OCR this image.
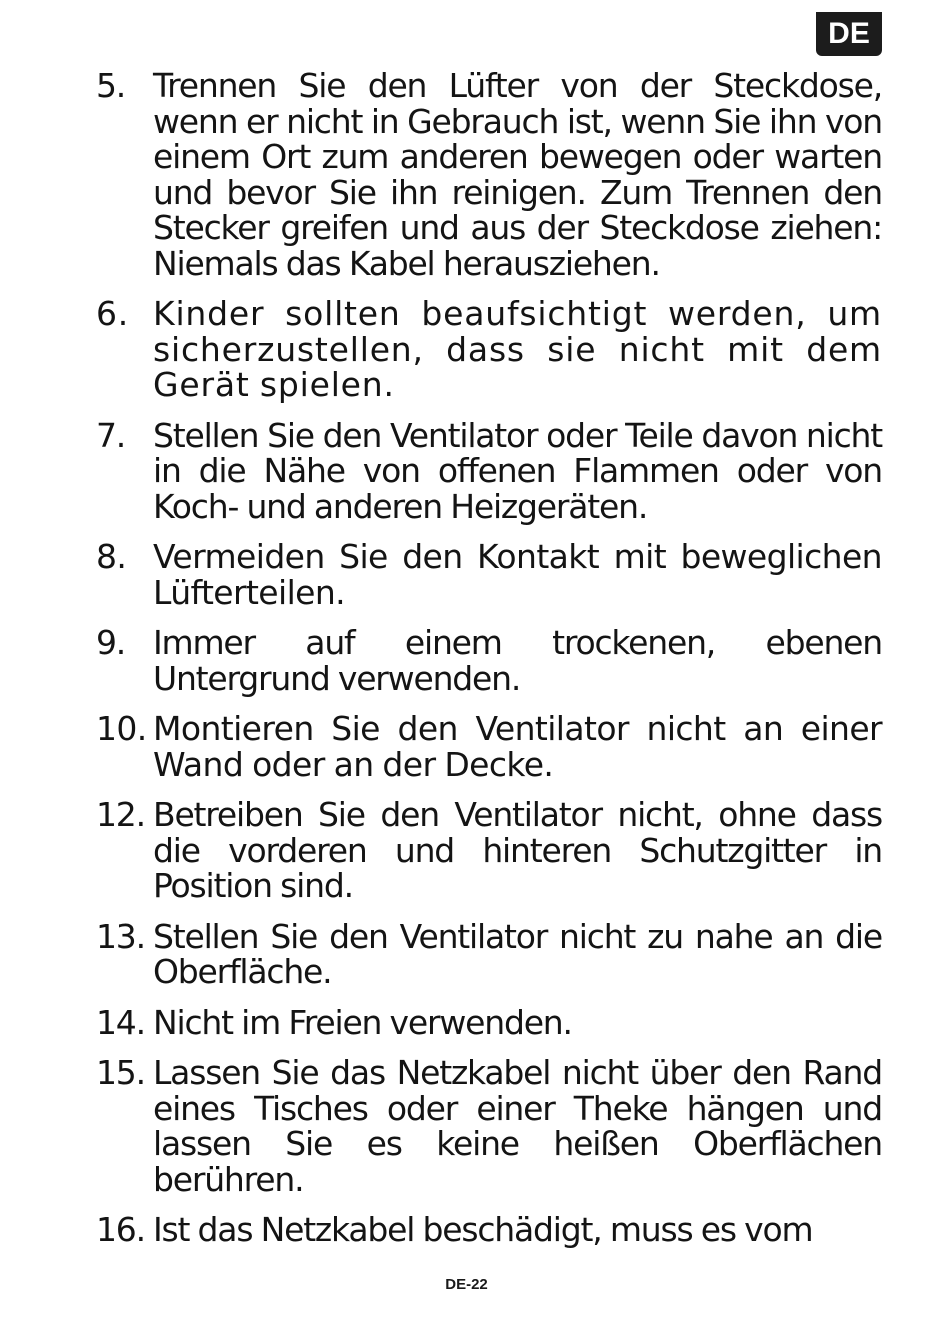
DE
5. Trennen Sie den Lüfter von der Steckdose, wenn er nicht in Gebrauch ist, wenn Sie ihn von einem Ort zum anderen bewegen oder warten und bevor Sie ihn reinigen. Zum Trennen den Stecker greifen und aus der Steckdose ziehen: Niemals das Kabel herausziehen.
6. Kinder sollten beaufsichtigt werden, um sicherzustellen, dass sie nicht mit dem Gerät spielen.
7. Stellen Sie den Ventilator oder Teile davon nicht in die Nähe von offenen Flammen oder von Koch- und anderen Heizgeräten.
8. Vermeiden Sie den Kontakt mit beweglichen Lüfterteilen.
9. Immer auf einem trockenen, ebenen Untergrund verwenden.
10. Montieren Sie den Ventilator nicht an einer Wand oder an der Decke.
12. Betreiben Sie den Ventilator nicht, ohne dass die vorderen und hinteren Schutzgitter in Position sind.
13. Stellen Sie den Ventilator nicht zu nahe an die Oberfläche.
14. Nicht im Freien verwenden.
15. Lassen Sie das Netzkabel nicht über den Rand eines Tisches oder einer Theke hängen und lassen Sie es keine heißen Oberflächen berühren.
16. Ist das Netzkabel beschädigt, muss es vom
DE-22
